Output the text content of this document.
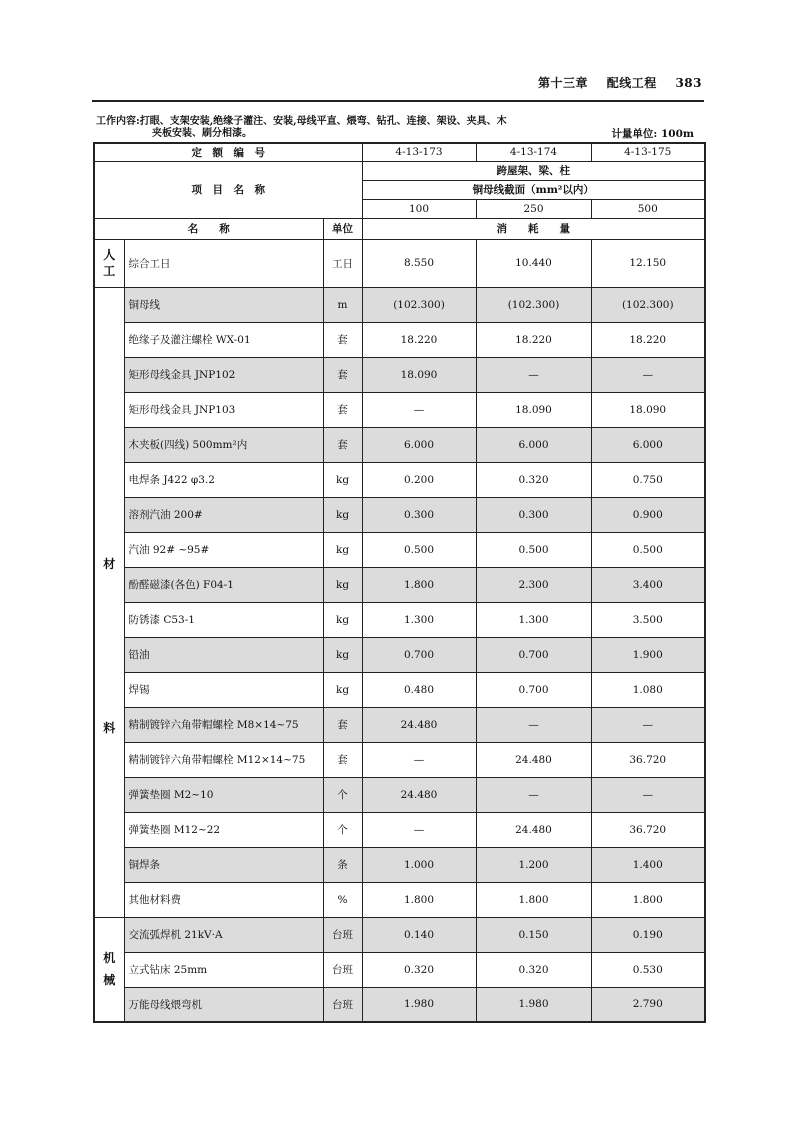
第十三章 配线工程 383
工作内容:打眼、支架安装,绝缘子灌注、安装,母线平直、煨弯、钻孔、连接、架设、夹具、木
夹板安装、刷分相漆。	计量单位: 100m
定　额　编　号			4-13-173	4-13-174	4-13-175
项　目　名　称			跨屋架、梁、柱		
			铜母线截面（mm²以内）		
			100	250	500
名　　称		单位	消　　耗　　量		
人工	综合工日	工日	8.550	10.440	12.150

材
料	铜母线	m	(102.300)	(102.300)	(102.300)
	绝缘子及灌注螺栓 WX-01	套	18.220	18.220	18.220
	矩形母线金具 JNP102	套	18.090	—	—
	矩形母线金具 JNP103	套	—	18.090	18.090
	木夹板(四线) 500mm²内	套	6.000	6.000	6.000
	电焊条 J422 φ3.2	kg	0.200	0.320	0.750
	溶剂汽油 200#	kg	0.300	0.300	0.900
	汽油 92# ~95#	kg	0.500	0.500	0.500
	酚醛磁漆(各色) F04-1	kg	1.800	2.300	3.400
	防锈漆 C53-1	kg	1.300	1.300	3.500
	铅油	kg	0.700	0.700	1.900
	焊锡	kg	0.480	0.700	1.080
	精制镀锌六角带帽螺栓 M8×14~75	套	24.480	—	—
	精制镀锌六角带帽螺栓 M12×14~75	套	—	24.480	36.720
	弹簧垫圈 M2~10	个	24.480	—	—
	弹簧垫圈 M12~22	个	—	24.480	36.720
	铜焊条	条	1.000	1.200	1.400
	其他材料费	%	1.800	1.800	1.800

机
械	交流弧焊机 21kV·A	台班	0.140	0.150	0.190
	立式钻床 25mm	台班	0.320	0.320	0.530
	万能母线煨弯机	台班	1.980	1.980	2.790
